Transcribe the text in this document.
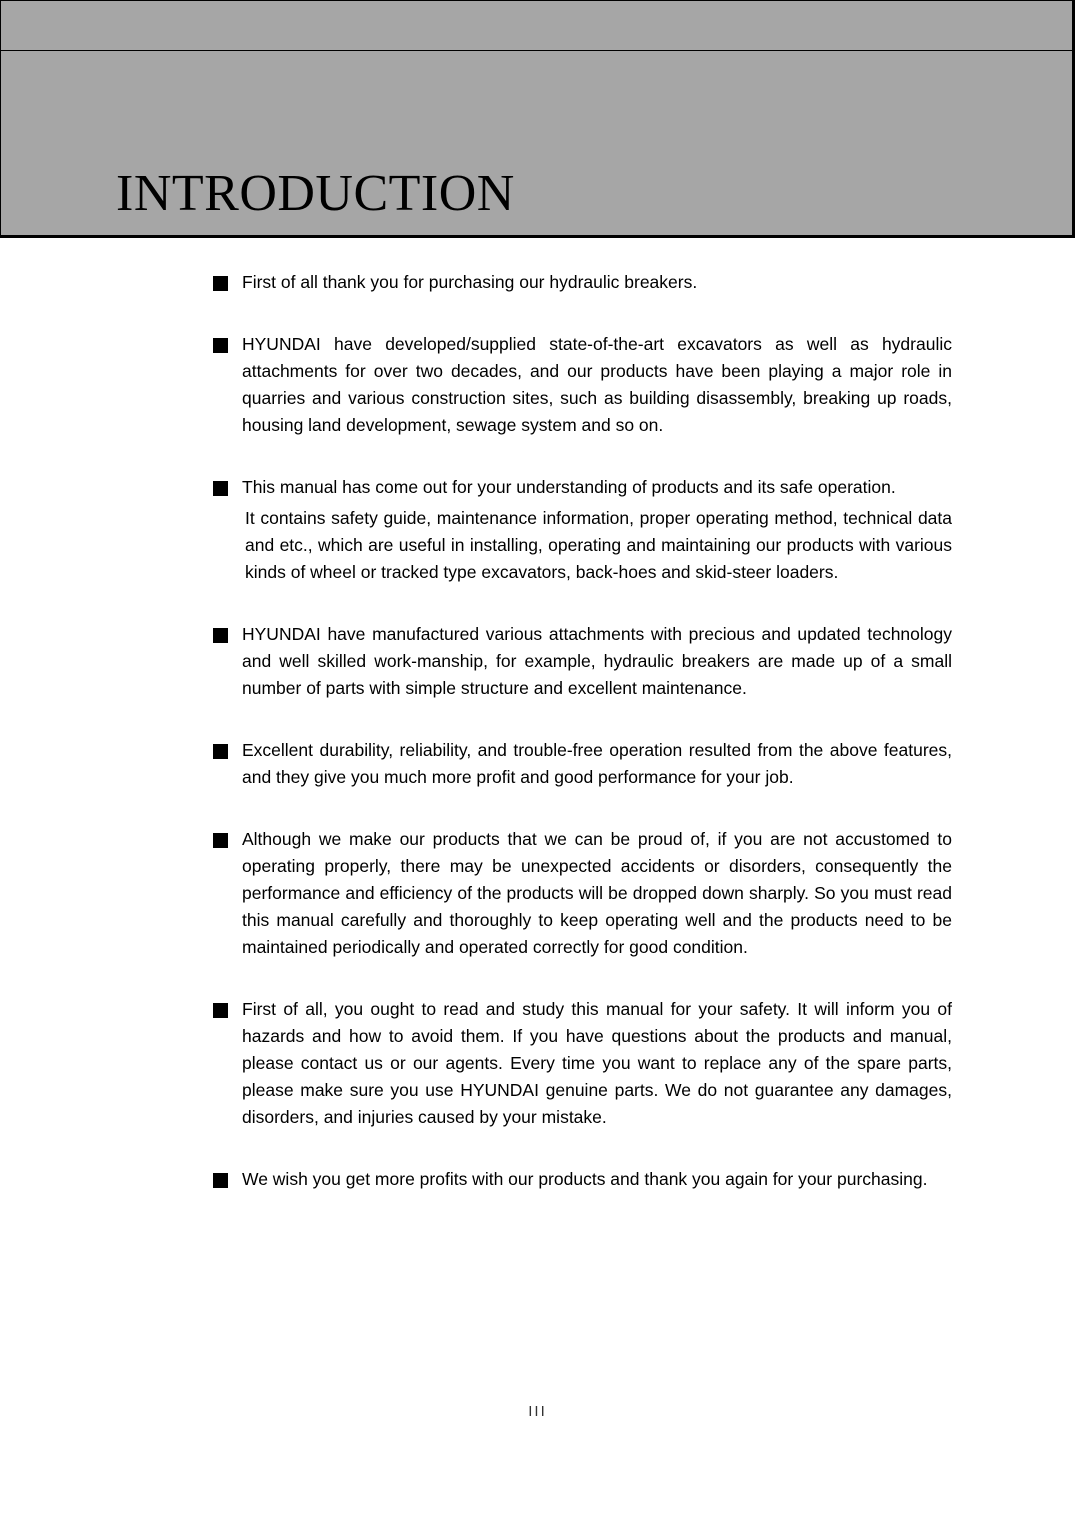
INTRODUCTION
First of all thank you for purchasing our hydraulic breakers.
HYUNDAI have developed/supplied state-of-the-art excavators as well as hydraulic attachments for over two decades, and our products have been playing a major role in quarries and various construction sites, such as building disassembly, breaking up roads, housing land development, sewage system and so on.
This manual has come out for your understanding of products and its safe operation.
It contains safety guide, maintenance information, proper operating method, technical data and etc., which are useful in installing, operating and maintaining our products with various kinds of wheel or tracked type excavators, back-hoes and skid-steer loaders.
HYUNDAI have manufactured various attachments with precious and updated technology and well skilled work-manship, for example, hydraulic breakers are made up of a small number of parts with simple structure and excellent maintenance.
Excellent durability, reliability, and trouble-free operation resulted from the above features, and they give you much more profit and good performance for your job.
Although we make our products that we can be proud of, if you are not accustomed to operating properly, there may be unexpected accidents or disorders, consequently the performance and efficiency of the products will be dropped down sharply. So you must read this manual carefully and thoroughly to keep operating well and the products need to be maintained periodically and operated correctly for good condition.
First of all, you ought to read and study this manual for your safety. It will inform you of hazards and how to avoid them. If you have questions about the products and manual, please contact us or our agents. Every time you want to replace any of the spare parts, please make sure you use HYUNDAI genuine parts. We do not guarantee any damages, disorders, and injuries caused by your mistake.
We wish you get more profits with our products and thank you again for your purchasing.
III
